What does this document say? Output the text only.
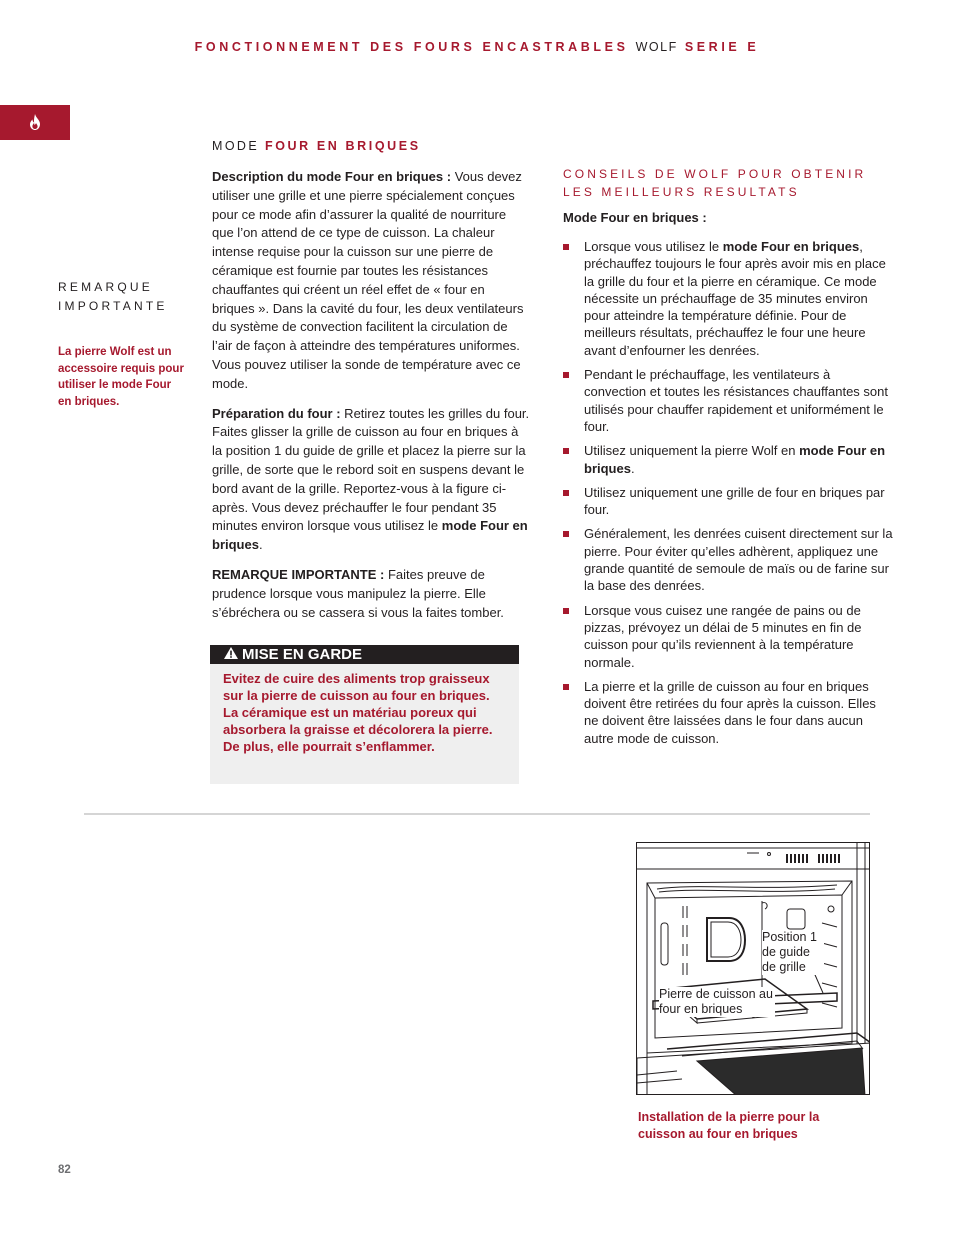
FONCTIONNEMENT DES FOURS ENCASTRABLES WOLF SERIE E
MODE FOUR EN BRIQUES
REMARQUE
IMPORTANTE
La pierre Wolf est un accessoire requis pour utiliser le mode Four en briques.

Description du mode Four en briques : Vous devez utiliser une grille et une pierre spécialement conçues pour ce mode afin d’assurer la qualité de nourriture que l’on attend de ce type de cuisson. La chaleur intense requise pour la cuisson sur une pierre de céramique est fournie par toutes les résistances chauffantes qui créent un réel effet de « four en briques ». Dans la cavité du four, les deux ventilateurs du système de convection facilitent la circulation de l’air de façon à atteindre des températures uniformes. Vous pouvez utiliser la sonde de température avec ce mode.

Préparation du four : Retirez toutes les grilles du four. Faites glisser la grille de cuisson au four en briques à la position 1 du guide de grille et placez la pierre sur la grille, de sorte que le rebord soit en suspens devant le bord avant de la grille. Reportez-vous à la figure ci-après. Vous devez préchauffer le four pendant 35 minutes environ lorsque vous utilisez le mode Four en briques.

REMARQUE IMPORTANTE : Faites preuve de prudence lorsque vous manipulez la pierre. Elle s’ébréchera ou se cassera si vous la faites tomber.

MISE EN GARDE
Evitez de cuire des aliments trop graisseux sur la pierre de cuisson au four en briques. La céramique est un matériau poreux qui absorbera la graisse et décolorera la pierre. De plus, elle pourrait s’enflammer.
CONSEILS DE WOLF POUR OBTENIR LES MEILLEURS RESULTATS
Mode Four en briques :
Lorsque vous utilisez le mode Four en briques, préchauffez toujours le four après avoir mis en place la grille du four et la pierre en céramique. Ce mode nécessite un préchauffage de 35 minutes environ pour atteindre la température définie. Pour de meilleurs résultats, préchauffez le four une heure avant d’enfourner les denrées.
Pendant le préchauffage, les ventilateurs à convection et toutes les résistances chauffantes sont utilisés pour chauffer rapidement et uniformément le four.
Utilisez uniquement la pierre Wolf en mode Four en briques.
Utilisez uniquement une grille de four en briques par four.
Généralement, les denrées cuisent directement sur la pierre. Pour éviter qu’elles adhèrent, appliquez une grande quantité de semoule de maïs ou de farine sur la base des denrées.
Lorsque vous cuisez une rangée de pains ou de pizzas, prévoyez un délai de 5 minutes en fin de cuisson pour qu’ils reviennent à la température normale.
La pierre et la grille de cuisson au four en briques doivent être retirées du four après la cuisson. Elles ne doivent être laissées dans le four dans aucun autre mode de cuisson.
Position 1 de guide de grille
Pierre de cuisson au four en briques
Installation de la pierre pour la cuisson au four en briques
82
